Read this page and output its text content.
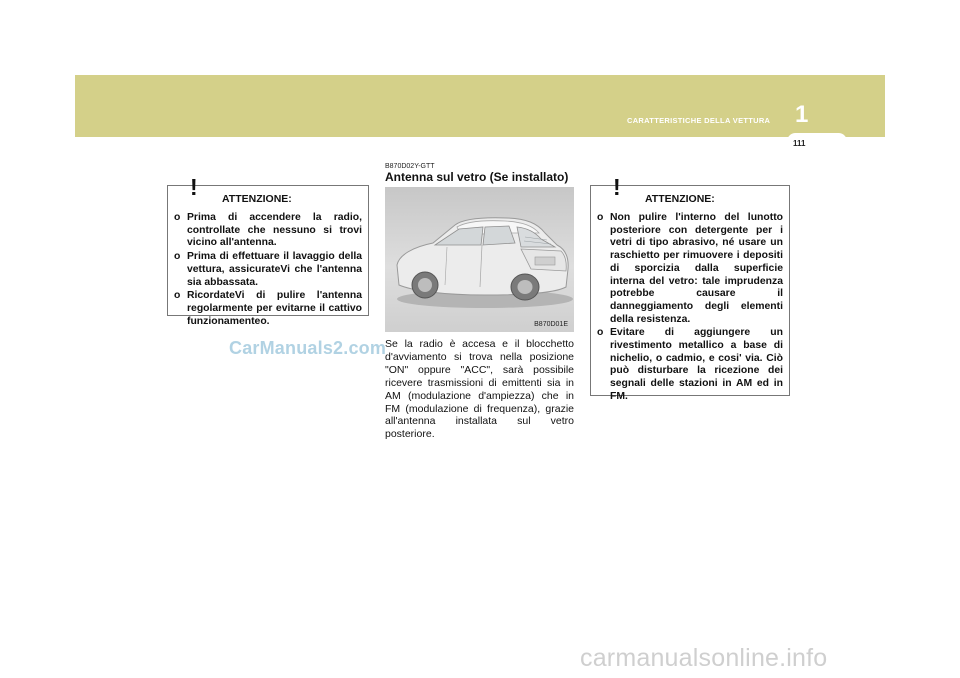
CARATTERISTICHE DELLA VETTURA 1
111
! ATTENZIONE:
o Prima di accendere la radio, controllate che nessuno si trovi vicino all'antenna.
o Prima di effettuare il lavaggio della vettura, assicurateVi che l'antenna sia abbassata.
o RicordateVi di pulire l'antenna regolarmente per evitarne il cattivo funzionamenteo.
B870D02Y-GTT
Antenna sul vetro (Se installato)
B870D01E
Se la radio è accesa e il blocchetto d'avviamento si trova nella posizione "ON" oppure "ACC", sarà possibile ricevere trasmissioni di emittenti sia in AM (modulazione d'ampiezza) che in FM (modulazione di frequenza), grazie all'antenna installata sul vetro posteriore.
CarManuals2.com
! ATTENZIONE:
o Non pulire l'interno del lunotto posteriore con detergente per i vetri di tipo abrasivo, né usare un raschietto per rimuovere i depositi di sporcizia dalla superficie interna del vetro: tale imprudenza potrebbe causare il danneggiamento degli elementi della resistenza.
o Evitare di aggiungere un rivestimento metallico a base di nichelio, o cadmio, e cosi' via. Ciò può disturbare la ricezione dei segnali delle stazioni in AM ed in FM.
carmanualsonline.info
